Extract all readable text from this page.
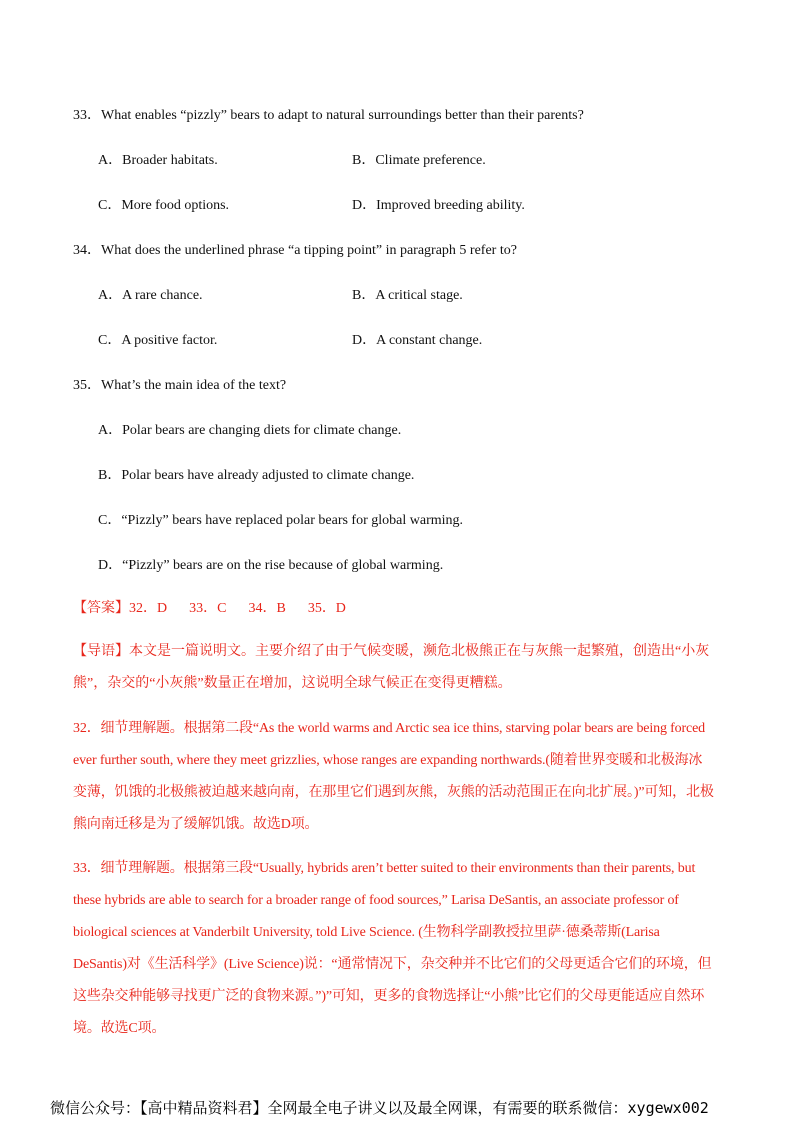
33．What enables “pizzly” bears to adapt to natural surroundings better than their parents?
A．Broader habitats.	B．Climate preference.
C．More food options.	D．Improved breeding ability.
34．What does the underlined phrase “a tipping point” in paragraph 5 refer to?
A．A rare chance.	B．A critical stage.
C．A positive factor.	D．A constant change.
35．What’s the main idea of the text?
A．Polar bears are changing diets for climate change.
B．Polar bears have already adjusted to climate change.
C．“Pizzly” bears have replaced polar bears for global warming.
D．“Pizzly” bears are on the rise because of global warming.
【答案】32．D 33．C 34．B 35．D
【导语】本文是一篇说明文。主要介绍了由于气候变暖，濒危北极熊正在与灰熊一起繁殖，创造出“小灰
熊”，杂交的“小灰熊”数量正在增加，这说明全球气候正在变得更糟糕。
32．细节理解题。根据第二段“As the world warms and Arctic sea ice thins, starving polar bears are being forced
ever further south, where they meet grizzlies, whose ranges are expanding northwards.(随着世界变暖和北极海冰
变薄，饥饿的北极熊被迫越来越向南，在那里它们遇到灰熊，灰熊的活动范围正在向北扩展。)”可知，北极
熊向南迁移是为了缓解饥饿。故选D项。
33．细节理解题。根据第三段“Usually, hybrids aren’t better suited to their environments than their parents, but
these hybrids are able to search for a broader range of food sources,” Larisa DeSantis, an associate professor of
biological sciences at Vanderbilt University, told Live Science. (生物科学副教授拉里萨·德桑蒂斯(Larisa
DeSantis)对《生活科学》(Live Science)说：“通常情况下，杂交种并不比它们的父母更适合它们的环境，但
这些杂交种能够寻找更广泛的食物来源。”)”可知，更多的食物选择让“小熊”比它们的父母更能适应自然环
境。故选C项。
微信公众号：【高中精品资料君】全网最全电子讲义以及最全网课，有需要的联系微信：xygewx002
